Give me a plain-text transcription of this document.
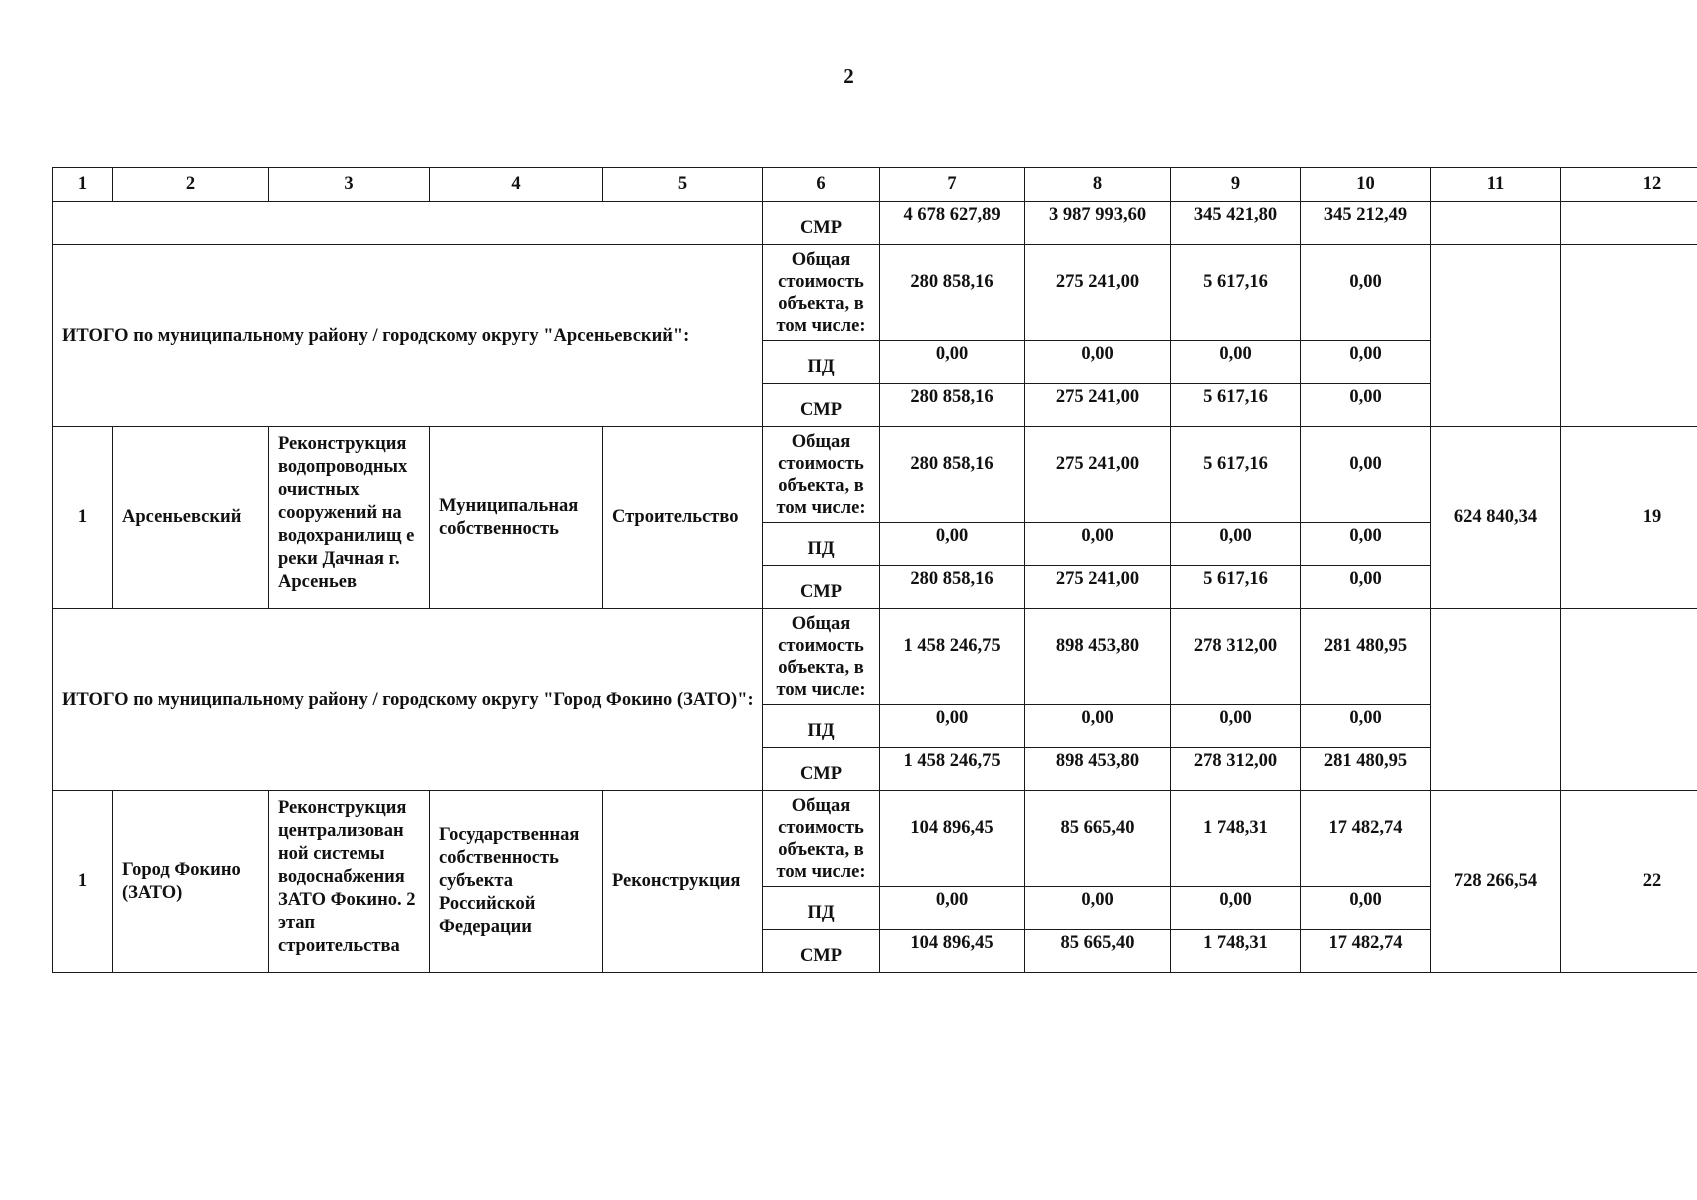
2
1	2	3	4	5	6	7	8	9	10	11	12
					СМР	4 678 627,89	3 987 993,60	345 421,80	345 212,49		
ИТОГО по муниципальному району / городскому округу "Арсеньевский":					Общая стоимость объекта, в том числе:	280 858,16	275 241,00	5 617,16	0,00		
					ПД	0,00	0,00	0,00	0,00		
					СМР	280 858,16	275 241,00	5 617,16	0,00		
1	Арсеньевский	Реконструкция водопроводных очистных сооружений на водохранилищ е реки Дачная г. Арсеньев	Муниципальная собственность	Строительство	Общая стоимость объекта, в том числе:	280 858,16	275 241,00	5 617,16	0,00	624 840,34	19
					ПД	0,00	0,00	0,00	0,00		
					СМР	280 858,16	275 241,00	5 617,16	0,00		
ИТОГО по муниципальному району / городскому округу "Город Фокино (ЗАТО)":					Общая стоимость объекта, в том числе:	1 458 246,75	898 453,80	278 312,00	281 480,95		
					ПД	0,00	0,00	0,00	0,00		
					СМР	1 458 246,75	898 453,80	278 312,00	281 480,95		
1	Город Фокино (ЗАТО)	Реконструкция централизован ной системы водоснабжения ЗАТО Фокино. 2 этап строительства	Государственная собственность субъекта Российской Федерации	Реконструкция	Общая стоимость объекта, в том числе:	104 896,45	85 665,40	1 748,31	17 482,74	728 266,54	22
					ПД	0,00	0,00	0,00	0,00		
					СМР	104 896,45	85 665,40	1 748,31	17 482,74		
